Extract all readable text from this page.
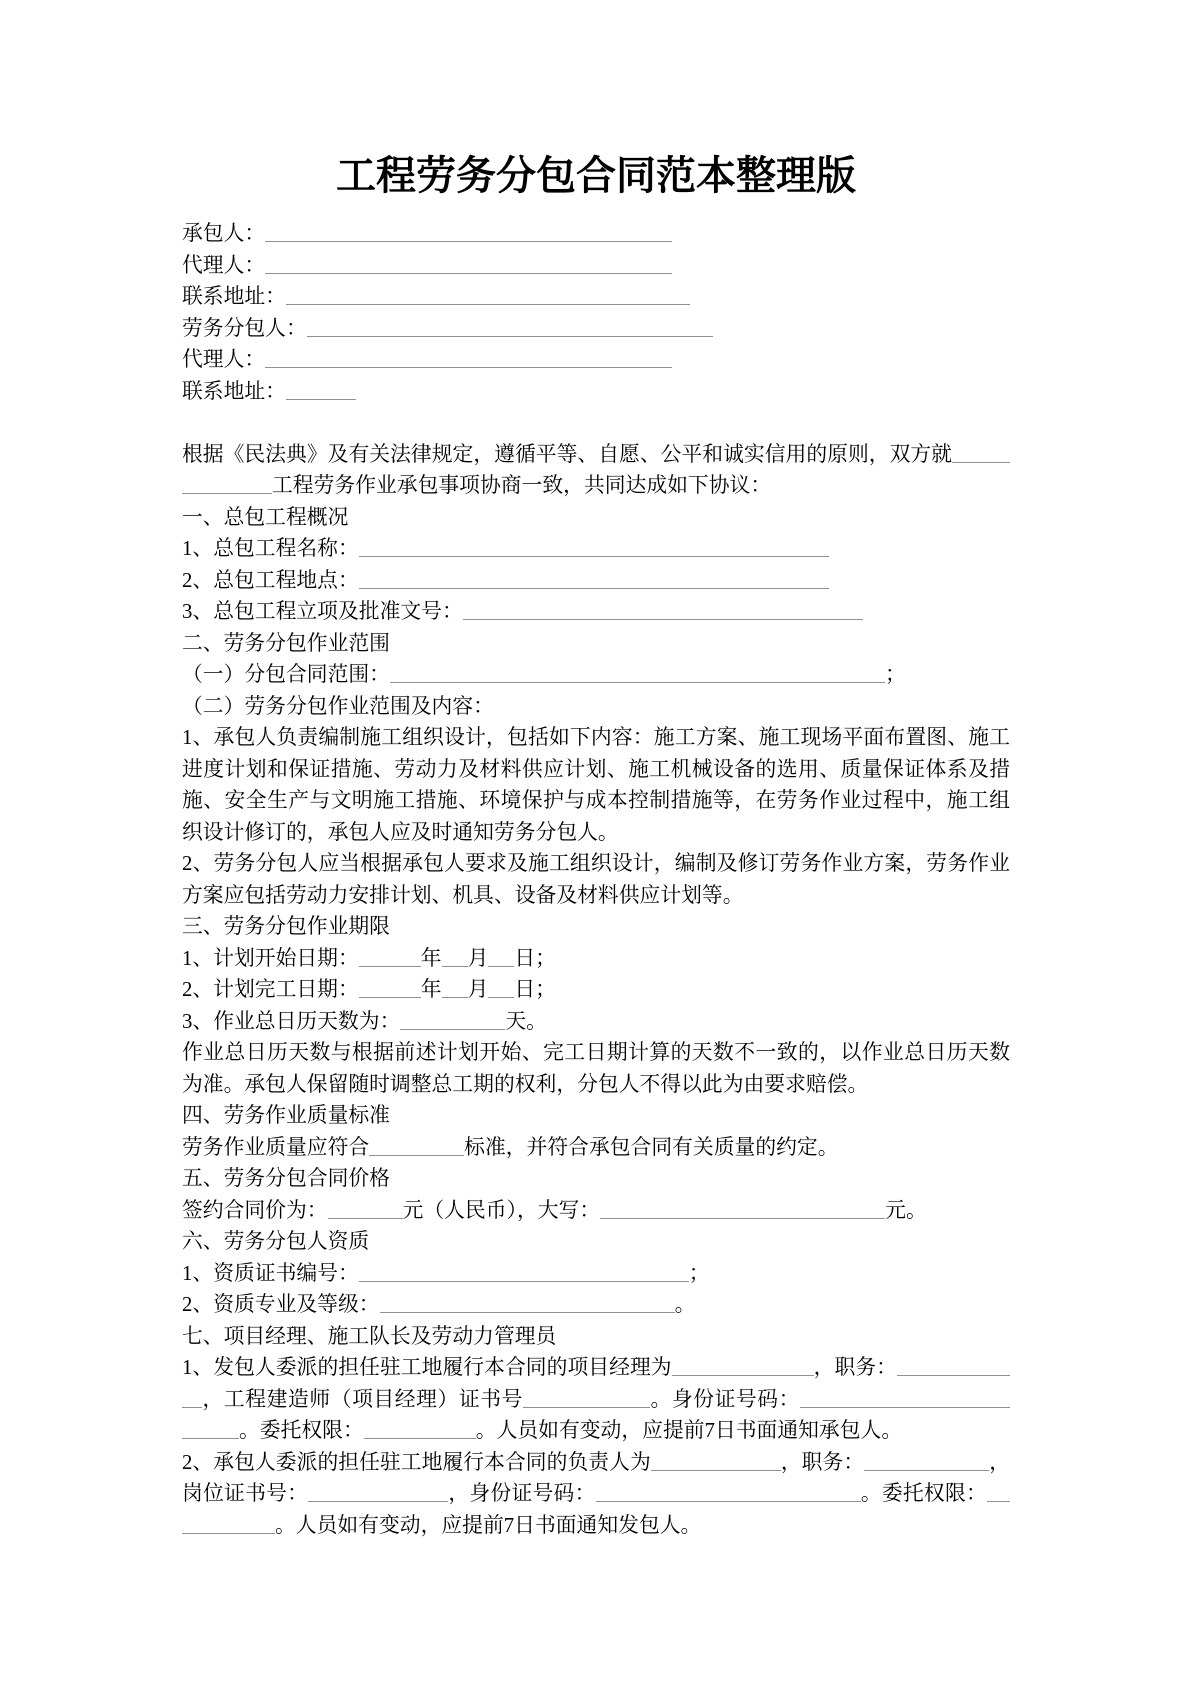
工程劳务分包合同范本整理版
承包人：
代理人：
联系地址：
劳务分包人：
代理人：
联系地址：
根据《民法典》及有关法律规定，遵循平等、自愿、公平和诚实信用的原则，双方就
工程劳务作业承包事项协商一致，共同达成如下协议：
一、总包工程概况
1、总包工程名称：
2、总包工程地点：
3、总包工程立项及批准文号：
二、劳务分包作业范围
（一）分包合同范围：	；
（二）劳务分包作业范围及内容：
1、承包人负责编制施工组织设计，包括如下内容：施工方案、施工现场平面布置图、施工
进度计划和保证措施、劳动力及材料供应计划、施工机械设备的选用、质量保证体系及措
施、安全生产与文明施工措施、环境保护与成本控制措施等，在劳务作业过程中，施工组
织设计修订的，承包人应及时通知劳务分包人。
2、劳务分包人应当根据承包人要求及施工组织设计，编制及修订劳务作业方案，劳务作业
方案应包括劳动力安排计划、机具、设备及材料供应计划等。
三、劳务分包作业期限
1、计划开始日期：	年 月 日；
2、计划完工日期：	年 月 日；
3、作业总日历天数为：	天。
作业总日历天数与根据前述计划开始、完工日期计算的天数不一致的，以作业总日历天数
为准。承包人保留随时调整总工期的权利，分包人不得以此为由要求赔偿。
四、劳务作业质量标准
劳务作业质量应符合	标准，并符合承包合同有关质量的约定。
五、劳务分包合同价格
签约合同价为：	元（人民币），大写：	元。
六、劳务分包人资质
1、资质证书编号：	；
2、资质专业及等级：	。
七、项目经理、施工队长及劳动力管理员
1、发包人委派的担任驻工地履行本合同的项目经理为	，职务：
，工程建造师（项目经理）证书号	。身份证号码：
。委托权限：	。人员如有变动，应提前7日书面通知承包人。
2、承包人委派的担任驻工地履行本合同的负责人为	，职务：	，
岗位证书号：	，身份证号码：	。委托权限：
。人员如有变动，应提前7日书面通知发包人。
